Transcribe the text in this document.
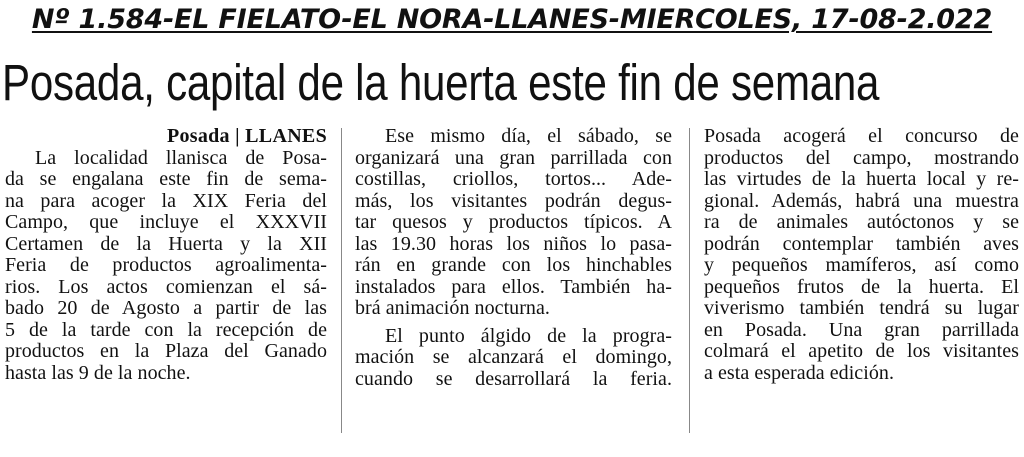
Nº 1.584-EL FIELATO-EL NORA-LLANES-MIERCOLES, 17-08-2.022
Posada, capital de la huerta este fin de semana

Posada | LLANES

La localidad llanisca de Posa-

da se engalana este fin de sema-

na para acoger la XIX Feria del

Campo, que incluye el XXXVII

Certamen de la Huerta y la XII

Feria de productos agroalimenta-

rios. Los actos comienzan el sá-

bado 20 de Agosto a partir de las

5 de la tarde con la recepción de

productos en la Plaza del Ganado

hasta las 9 de la noche.

Ese mismo día, el sábado, se

organizará una gran parrillada con

costillas, criollos, tortos... Ade-

más, los visitantes podrán degus-

tar quesos y productos típicos. A

las 19.30 horas los niños lo pasa-

rán en grande con los hinchables

instalados para ellos. También ha-

brá animación nocturna.

El punto álgido de la progra-

mación se alcanzará el domingo,

cuando se desarrollará la feria.

Posada acogerá el concurso de

productos del campo, mostrando

las virtudes de la huerta local y re-

gional. Además, habrá una muestra

ra de animales autóctonos y se

podrán contemplar también aves

y pequeños mamíferos, así como

pequeños frutos de la huerta. El

viverismo también tendrá su lugar

en Posada. Una gran parrillada

colmará el apetito de los visitantes

a esta esperada edición.
